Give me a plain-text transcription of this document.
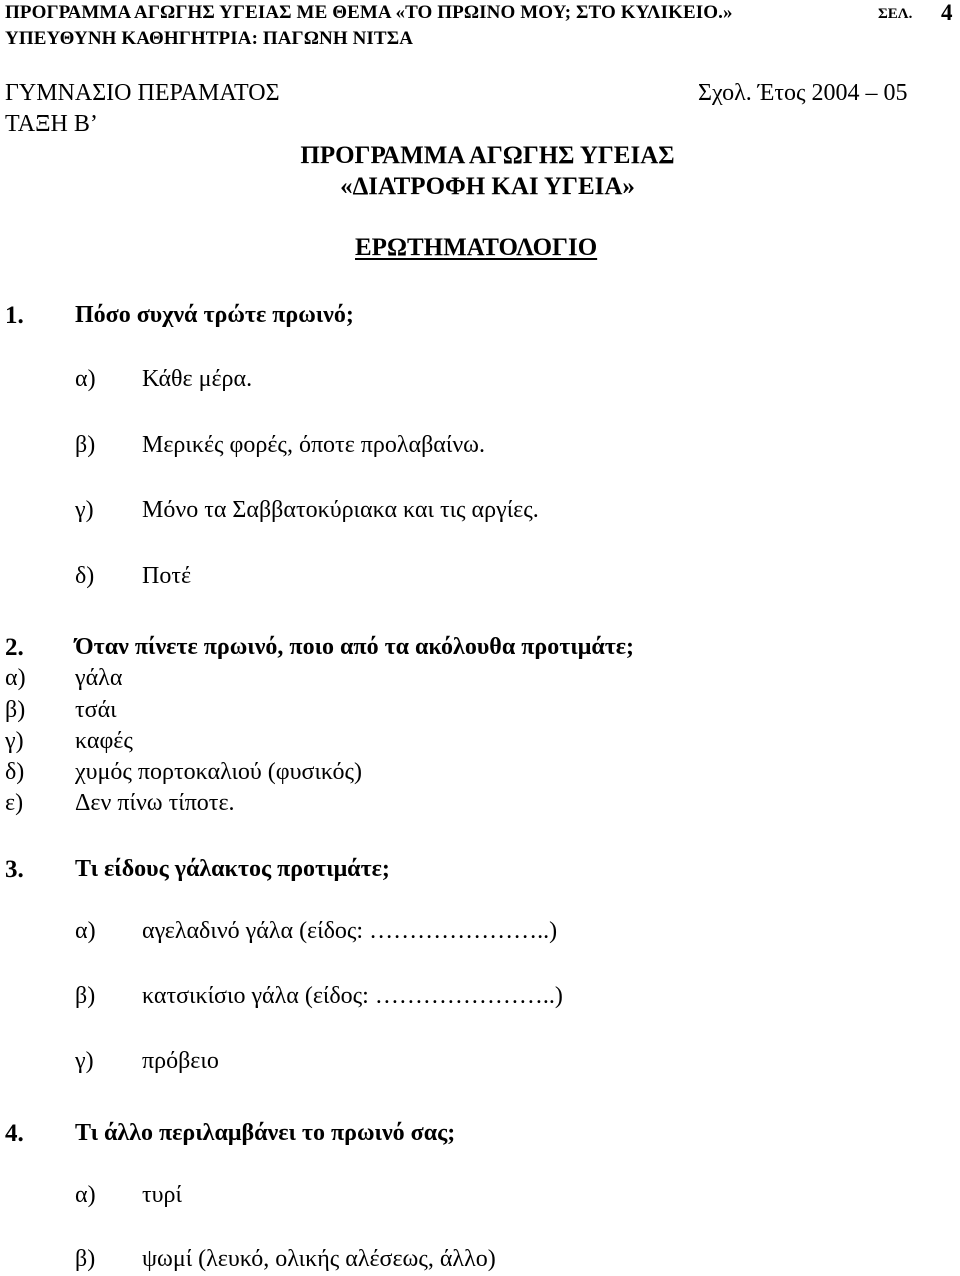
ΠΡΟΓΡΑΜΜΑ ΑΓΩΓΗΣ ΥΓΕΙΑΣ ΜΕ ΘΕΜΑ «ΤΟ ΠΡΩΙΝΟ ΜΟΥ; ΣΤΟ ΚΥΛΙΚΕΙΟ.»	ΣΕΛ. 4
ΥΠΕΥΘΥΝΗ ΚΑΘΗΓΗΤΡΙΑ: ΠΑΓΩΝΗ ΝΙΤΣΑ
ΓΥΜΝΑΣΙΟ ΠΕΡΑΜΑΤΟΣ	Σχολ. Έτος 2004 – 05
ΤΑΞΗ Β’
ΠΡΟΓΡΑΜΜΑ ΑΓΩΓΗΣ ΥΓΕΙΑΣ
«ΔΙΑΤΡΟΦΗ ΚΑΙ ΥΓΕΙΑ»
ΕΡΩΤΗΜΑΤΟΛΟΓΙΟ
1. Πόσο συχνά τρώτε πρωινό;
α) Κάθε μέρα.
β) Μερικές φορές, όποτε προλαβαίνω.
γ) Μόνο τα Σαββατοκύριακα και τις αργίες.
δ) Ποτέ
2. Όταν πίνετε πρωινό, ποιο από τα ακόλουθα προτιμάτε;
α) γάλα
β) τσάι
γ) καφές
δ) χυμός πορτοκαλιού (φυσικός)
ε) Δεν πίνω τίποτε.
3. Τι είδους γάλακτος προτιμάτε;
α) αγελαδινό γάλα (είδος: …………………..)
β) κατσικίσιο γάλα (είδος: …………………..)
γ) πρόβειο
4. Τι άλλο περιλαμβάνει το πρωινό σας;
α) τυρί
β) ψωμί (λευκό, ολικής αλέσεως, άλλο)
